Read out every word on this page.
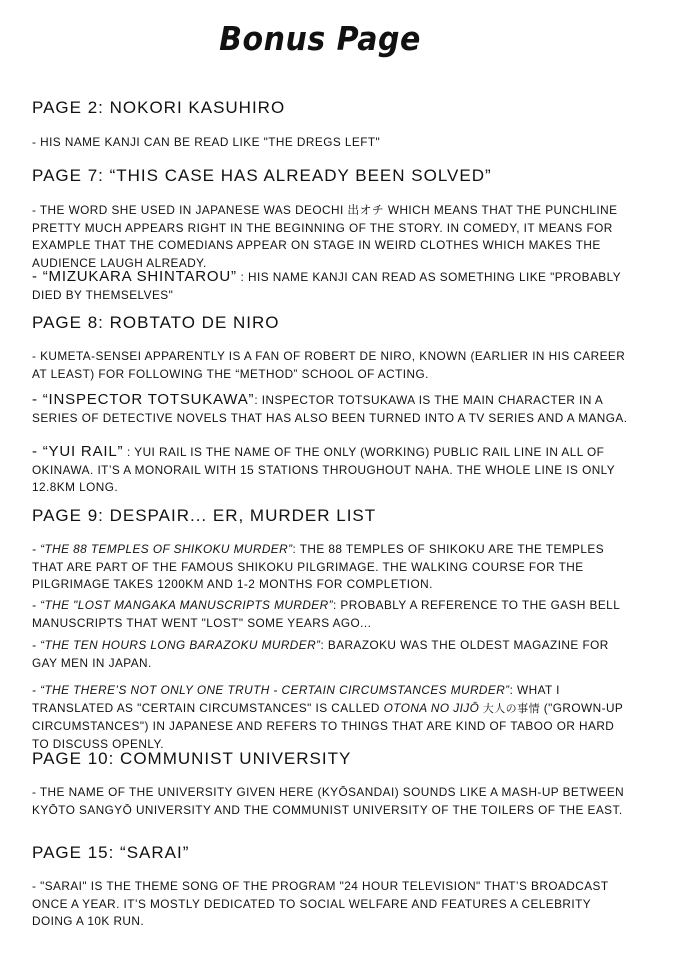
Bonus Page
PAGE 2: NOKORI KASUHIRO
- HIS NAME KANJI CAN BE READ LIKE "THE DREGS LEFT"
PAGE 7: “THIS CASE HAS ALREADY BEEN SOLVED”
- THE WORD SHE USED IN JAPANESE WAS DEOCHI 出オチ WHICH MEANS THAT THE PUNCHLINE PRETTY MUCH APPEARS RIGHT IN THE BEGINNING OF THE STORY. IN COMEDY, IT MEANS FOR EXAMPLE THAT THE COMEDIANS APPEAR ON STAGE IN WEIRD CLOTHES WHICH MAKES THE AUDIENCE LAUGH ALREADY.
- “MIZUKARA SHINTAROU” : HIS NAME KANJI CAN READ AS SOMETHING LIKE "PROBABLY DIED BY THEMSELVES"
PAGE 8: ROBTATO DE NIRO
- KUMETA-SENSEI APPARENTLY IS A FAN OF ROBERT DE NIRO, KNOWN (EARLIER IN HIS CAREER AT LEAST) FOR FOLLOWING THE “METHOD” SCHOOL OF ACTING.
- “INSPECTOR TOTSUKAWA”: INSPECTOR TOTSUKAWA IS THE MAIN CHARACTER IN A SERIES OF DETECTIVE NOVELS THAT HAS ALSO BEEN TURNED INTO A TV SERIES AND A MANGA.
- “YUI RAIL” : YUI RAIL IS THE NAME OF THE ONLY (WORKING) PUBLIC RAIL LINE IN ALL OF OKINAWA. IT’S A MONORAIL WITH 15 STATIONS THROUGHOUT NAHA. THE WHOLE LINE IS ONLY 12.8KM LONG.
PAGE 9: DESPAIR... ER, MURDER LIST
- “THE 88 TEMPLES OF SHIKOKU MURDER”: THE 88 TEMPLES OF SHIKOKU ARE THE TEMPLES THAT ARE PART OF THE FAMOUS SHIKOKU PILGRIMAGE. THE WALKING COURSE FOR THE PILGRIMAGE TAKES 1200KM AND 1-2 MONTHS FOR COMPLETION.
- “THE "LOST MANGAKA MANUSCRIPTS MURDER”: PROBABLY A REFERENCE TO THE GASH BELL MANUSCRIPTS THAT WENT "LOST" SOME YEARS AGO...
- “THE TEN HOURS LONG BARAZOKU MURDER”: BARAZOKU WAS THE OLDEST MAGAZINE FOR GAY MEN IN JAPAN.
- “THE THERE’S NOT ONLY ONE TRUTH - CERTAIN CIRCUMSTANCES MURDER”: WHAT I TRANSLATED AS "CERTAIN CIRCUMSTANCES" IS CALLED OTONA NO JIJŌ 大人の事情 ("GROWN-UP CIRCUMSTANCES") IN JAPANESE AND REFERS TO THINGS THAT ARE KIND OF TABOO OR HARD TO DISCUSS OPENLY.
PAGE 10: COMMUNIST UNIVERSITY
- THE NAME OF THE UNIVERSITY GIVEN HERE (KYŌSANDAI) SOUNDS LIKE A MASH-UP BETWEEN KYŌTO SANGYŌ UNIVERSITY AND THE COMMUNIST UNIVERSITY OF THE TOILERS OF THE EAST.
PAGE 15: “SARAI”
- "SARAI" IS THE THEME SONG OF THE PROGRAM "24 HOUR TELEVISION" THAT’S BROADCAST ONCE A YEAR. IT’S MOSTLY DEDICATED TO SOCIAL WELFARE AND FEATURES A CELEBRITY DOING A 10K RUN.
